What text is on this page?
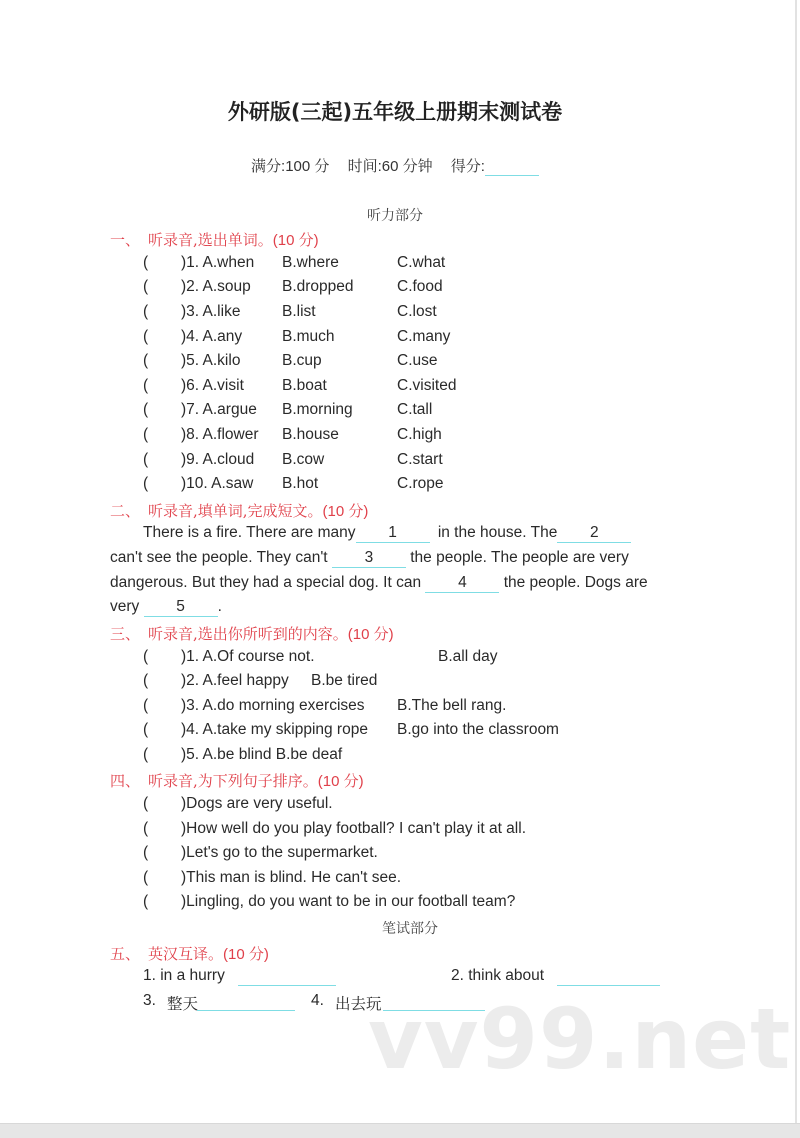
vv99.net
外研版(三起)五年级上册期末测试卷
满分:100 分 时间:60 分钟 得分:
听力部分
一、 听录音,选出单词。(10 分)
( )1. A.when B.where	C.what
( )2. A.soup B.dropped	C.food
( )3. A.like	B.list	C.lost
( )4. A.any	B.much	C.many
( )5. A.kilo	B.cup	C.use
( )6. A.visit B.boat	C.visited
( )7. A.argue B.morning	C.tall
( )8. A.flower B.house	C.high
( )9. A.cloud B.cow	C.start
( )10. A.saw B.hot	C.rope
二、 听录音,填单词,完成短文。(10 分)
There is a fire. There are many 1	in the house. The 2
can't see the people. They can't 3 the people. The people are very
dangerous. But they had a special dog. It can 4 the people. Dogs are
very 5 .
三、 听录音,选出你所听到的内容。(10 分)
( )1. A.Of course not.	B.all day
( )2. A.feel happy B.be tired
( )3. A.do morning exercises B.The bell rang.
( )4. A.take my skipping rope B.go into the classroom
( )5. A.be blind B.be deaf
四、 听录音,为下列句子排序。(10 分)
( )Dogs are very useful.
( )How well do you play football? I can't play it at all.
( )Let's go to the supermarket.
( )This man is blind. He can't see.
( )Lingling, do you want to be in our football team?
笔试部分
五、 英汉互译。(10 分)
1. in a hurry	2. think about
3. 整天	4. 出去玩
